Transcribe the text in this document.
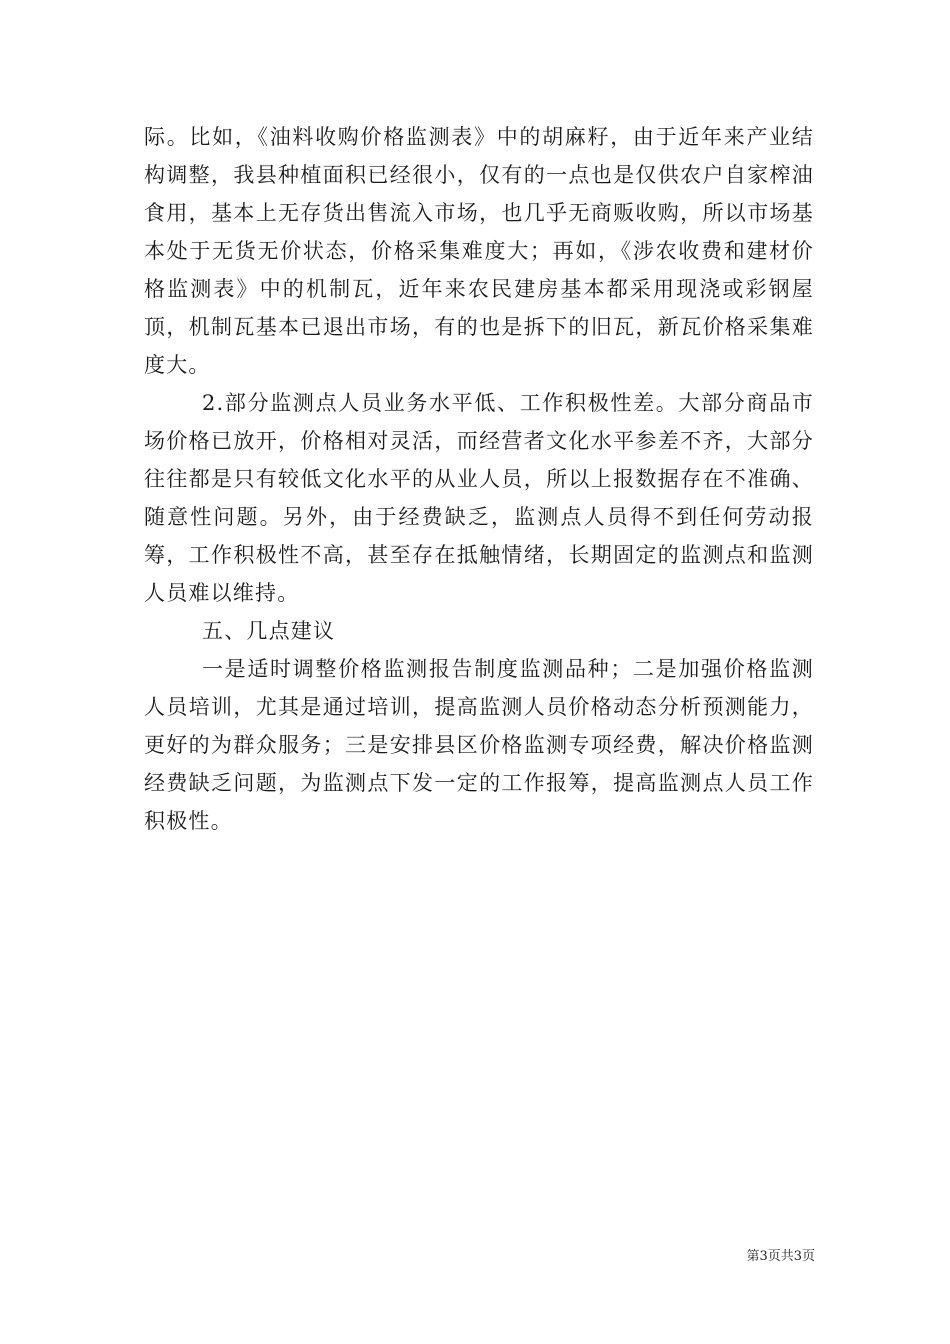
际。比如，《油料收购价格监测表》中的胡麻籽，由于近年来产业结构调整，我县种植面积已经很小，仅有的一点也是仅供农户自家榨油食用，基本上无存货出售流入市场，也几乎无商贩收购，所以市场基本处于无货无价状态，价格采集难度大；再如，《涉农收费和建材价格监测表》中的机制瓦，近年来农民建房基本都采用现浇或彩钢屋顶，机制瓦基本已退出市场，有的也是拆下的旧瓦，新瓦价格采集难度大。

2.部分监测点人员业务水平低、工作积极性差。大部分商品市场价格已放开，价格相对灵活，而经营者文化水平参差不齐，大部分往往都是只有较低文化水平的从业人员，所以上报数据存在不准确、随意性问题。另外，由于经费缺乏，监测点人员得不到任何劳动报筹，工作积极性不高，甚至存在抵触情绪，长期固定的监测点和监测人员难以维持。

五、几点建议

一是适时调整价格监测报告制度监测品种；二是加强价格监测人员培训，尤其是通过培训，提高监测人员价格动态分析预测能力，更好的为群众服务；三是安排县区价格监测专项经费，解决价格监测经费缺乏问题，为监测点下发一定的工作报筹，提高监测点人员工作积极性。

第3页共3页
